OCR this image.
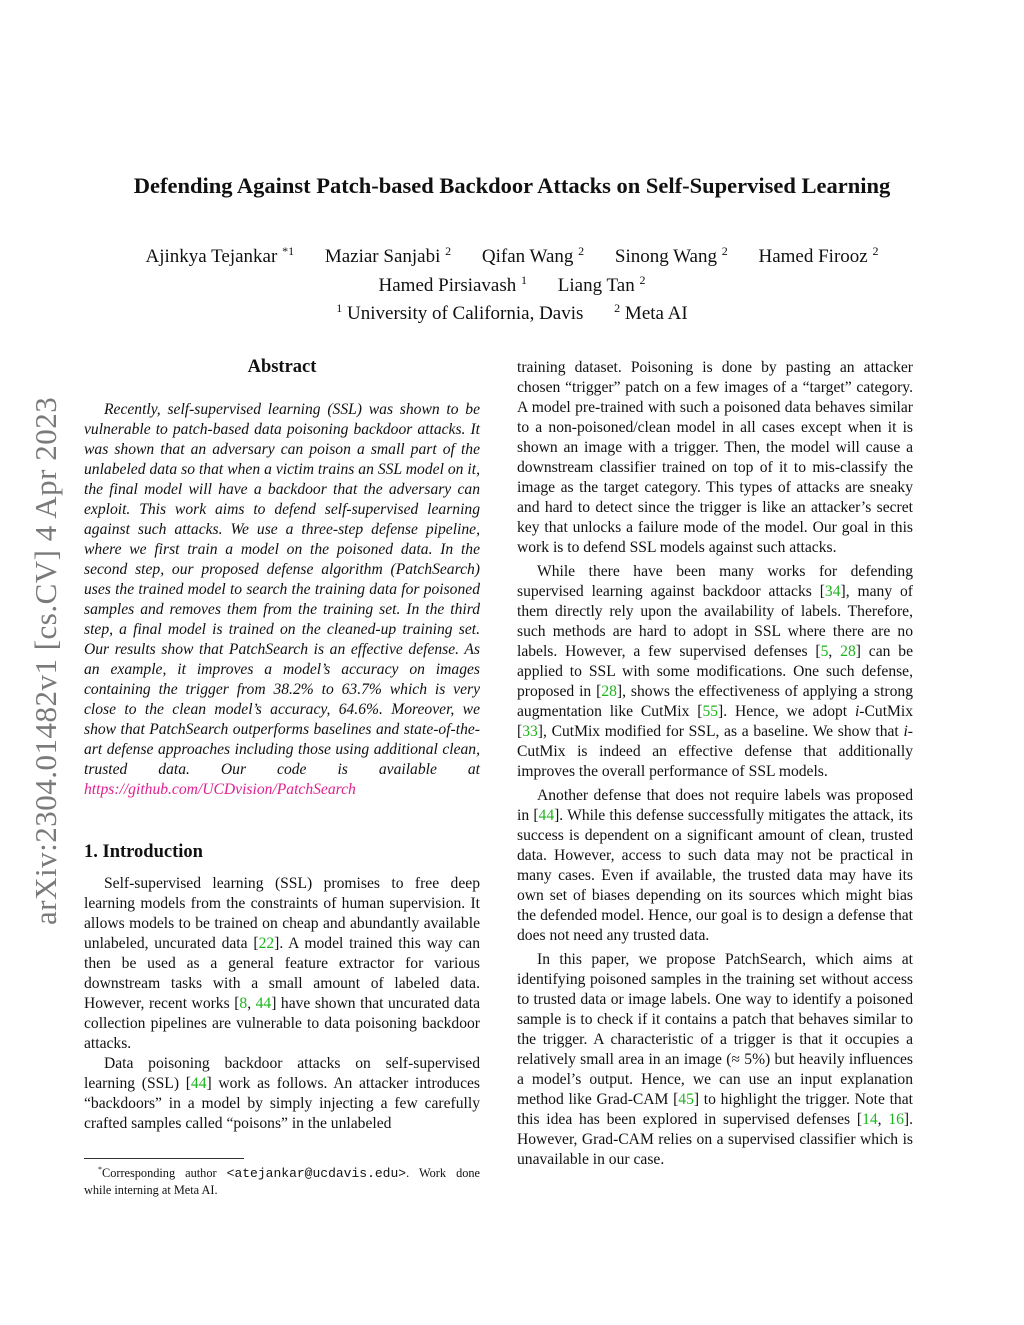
arXiv:2304.01482v1 [cs.CV] 4 Apr 2023
Defending Against Patch-based Backdoor Attacks on Self-Supervised Learning
Ajinkya Tejankar $^{*1}$ Maziar Sanjabi $^2$ Qifan Wang $^2$ Sinong Wang $^2$ Hamed Firooz $^2$
Hamed Pirsiavash $^1$ Liang Tan $^2$
$^1$ University of California, Davis	$^2$ Meta AI
Abstract

Recently, self-supervised learning (SSL) was shown to be vulnerable to patch-based data poisoning backdoor attacks. It was shown that an adversary can poison a small part of the unlabeled data so that when a victim trains an SSL model on it, the final model will have a backdoor that the adversary can exploit. This work aims to defend self-supervised learning against such attacks. We use a three-step defense pipeline, where we first train a model on the poisoned data. In the second step, our proposed defense algorithm (PatchSearch) uses the trained model to search the training data for poisoned samples and removes them from the training set. In the third step, a final model is trained on the cleaned-up training set. Our results show that PatchSearch is an effective defense. As an example, it improves a model’s accuracy on images containing the trigger from 38.2% to 63.7% which is very close to the clean model’s accuracy, 64.6%. Moreover, we show that PatchSearch outperforms baselines and state-of-the-art defense approaches including those using additional clean, trusted data. Our code is available at https://github.com/UCDvision/PatchSearch

1. Introduction

Self-supervised learning (SSL) promises to free deep learning models from the constraints of human supervision. It allows models to be trained on cheap and abundantly available unlabeled, uncurated data [22]. A model trained this way can then be used as a general feature extractor for various downstream tasks with a small amount of labeled data. However, recent works [8, 44] have shown that uncurated data collection pipelines are vulnerable to data poisoning backdoor attacks.

Data poisoning backdoor attacks on self-supervised learning (SSL) [44] work as follows. An attacker introduces “backdoors” in a model by simply injecting a few carefully crafted samples called “poisons” in the unlabeled

training dataset. Poisoning is done by pasting an attacker chosen “trigger” patch on a few images of a “target” category. A model pre-trained with such a poisoned data behaves similar to a non-poisoned/clean model in all cases except when it is shown an image with a trigger. Then, the model will cause a downstream classifier trained on top of it to mis-classify the image as the target category. This types of attacks are sneaky and hard to detect since the trigger is like an attacker’s secret key that unlocks a failure mode of the model. Our goal in this work is to defend SSL models against such attacks.

While there have been many works for defending supervised learning against backdoor attacks [34], many of them directly rely upon the availability of labels. Therefore, such methods are hard to adopt in SSL where there are no labels. However, a few supervised defenses [5, 28] can be applied to SSL with some modifications. One such defense, proposed in [28], shows the effectiveness of applying a strong augmentation like CutMix [55]. Hence, we adopt i-CutMix [33], CutMix modified for SSL, as a baseline. We show that i-CutMix is indeed an effective defense that additionally improves the overall performance of SSL models.

Another defense that does not require labels was proposed in [44]. While this defense successfully mitigates the attack, its success is dependent on a significant amount of clean, trusted data. However, access to such data may not be practical in many cases. Even if available, the trusted data may have its own set of biases depending on its sources which might bias the defended model. Hence, our goal is to design a defense that does not need any trusted data.

In this paper, we propose PatchSearch, which aims at identifying poisoned samples in the training set without access to trusted data or image labels. One way to identify a poisoned sample is to check if it contains a patch that behaves similar to the trigger. A characteristic of a trigger is that it occupies a relatively small area in an image (≈ 5%) but heavily influences a model’s output. Hence, we can use an input explanation method like Grad-CAM [45] to highlight the trigger. Note that this idea has been explored in supervised defenses [14, 16]. However, Grad-CAM relies on a supervised classifier which is unavailable in our case.

*Corresponding author <atejankar@ucdavis.edu>. Work done while interning at Meta AI.
